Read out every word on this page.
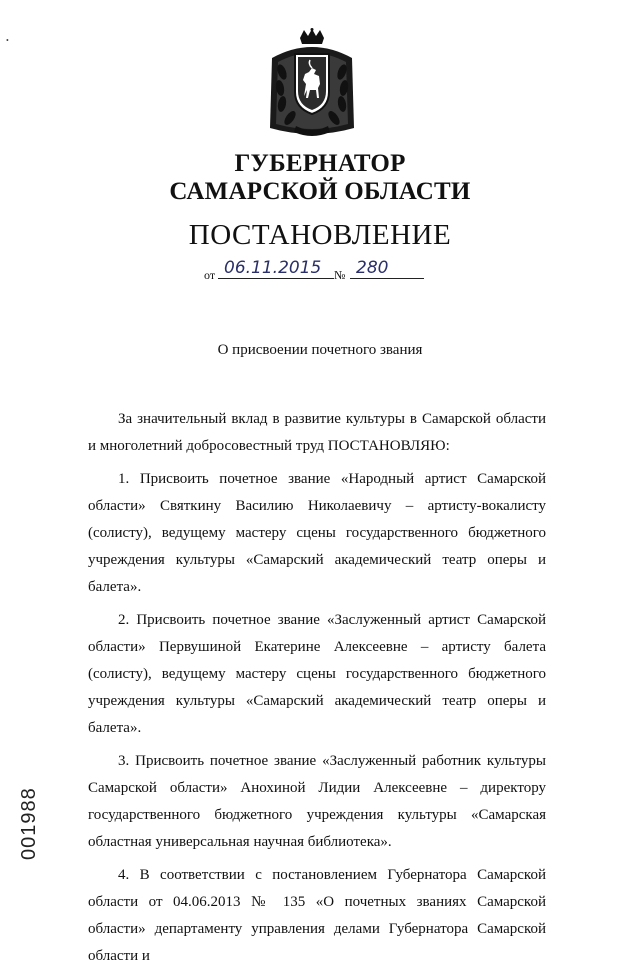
•
ГУБЕРНАТОР
САМАРСКОЙ ОБЛАСТИ
ПОСТАНОВЛЕНИЕ
от 06.11.2015	№ 280
О присвоении почетного звания

За значительный вклад в развитие культуры в Самарской области и многолетний добросовестный труд ПОСТАНОВЛЯЮ:

1. Присвоить почетное звание «Народный артист Самарской области» Святкину Василию Николаевичу – артисту-вокалисту (солисту), ведущему мастеру сцены государственного бюджетного учреждения культуры «Самарский академический театр оперы и балета».

2. Присвоить почетное звание «Заслуженный артист Самарской области» Первушиной Екатерине Алексеевне – артисту балета (солисту), ведущему мастеру сцены государственного бюджетного учреждения культуры «Самарский академический театр оперы и балета».

3. Присвоить почетное звание «Заслуженный работник культуры Самарской области» Анохиной Лидии Алексеевне – директору государственного бюджетного учреждения культуры «Самарская областная универсальная научная библиотека».

4. В соответствии с постановлением Губернатора Самарской области от 04.06.2013 № 135 «О почетных званиях Самарской области» департаменту управления делами Губернатора Самарской области и

001988
